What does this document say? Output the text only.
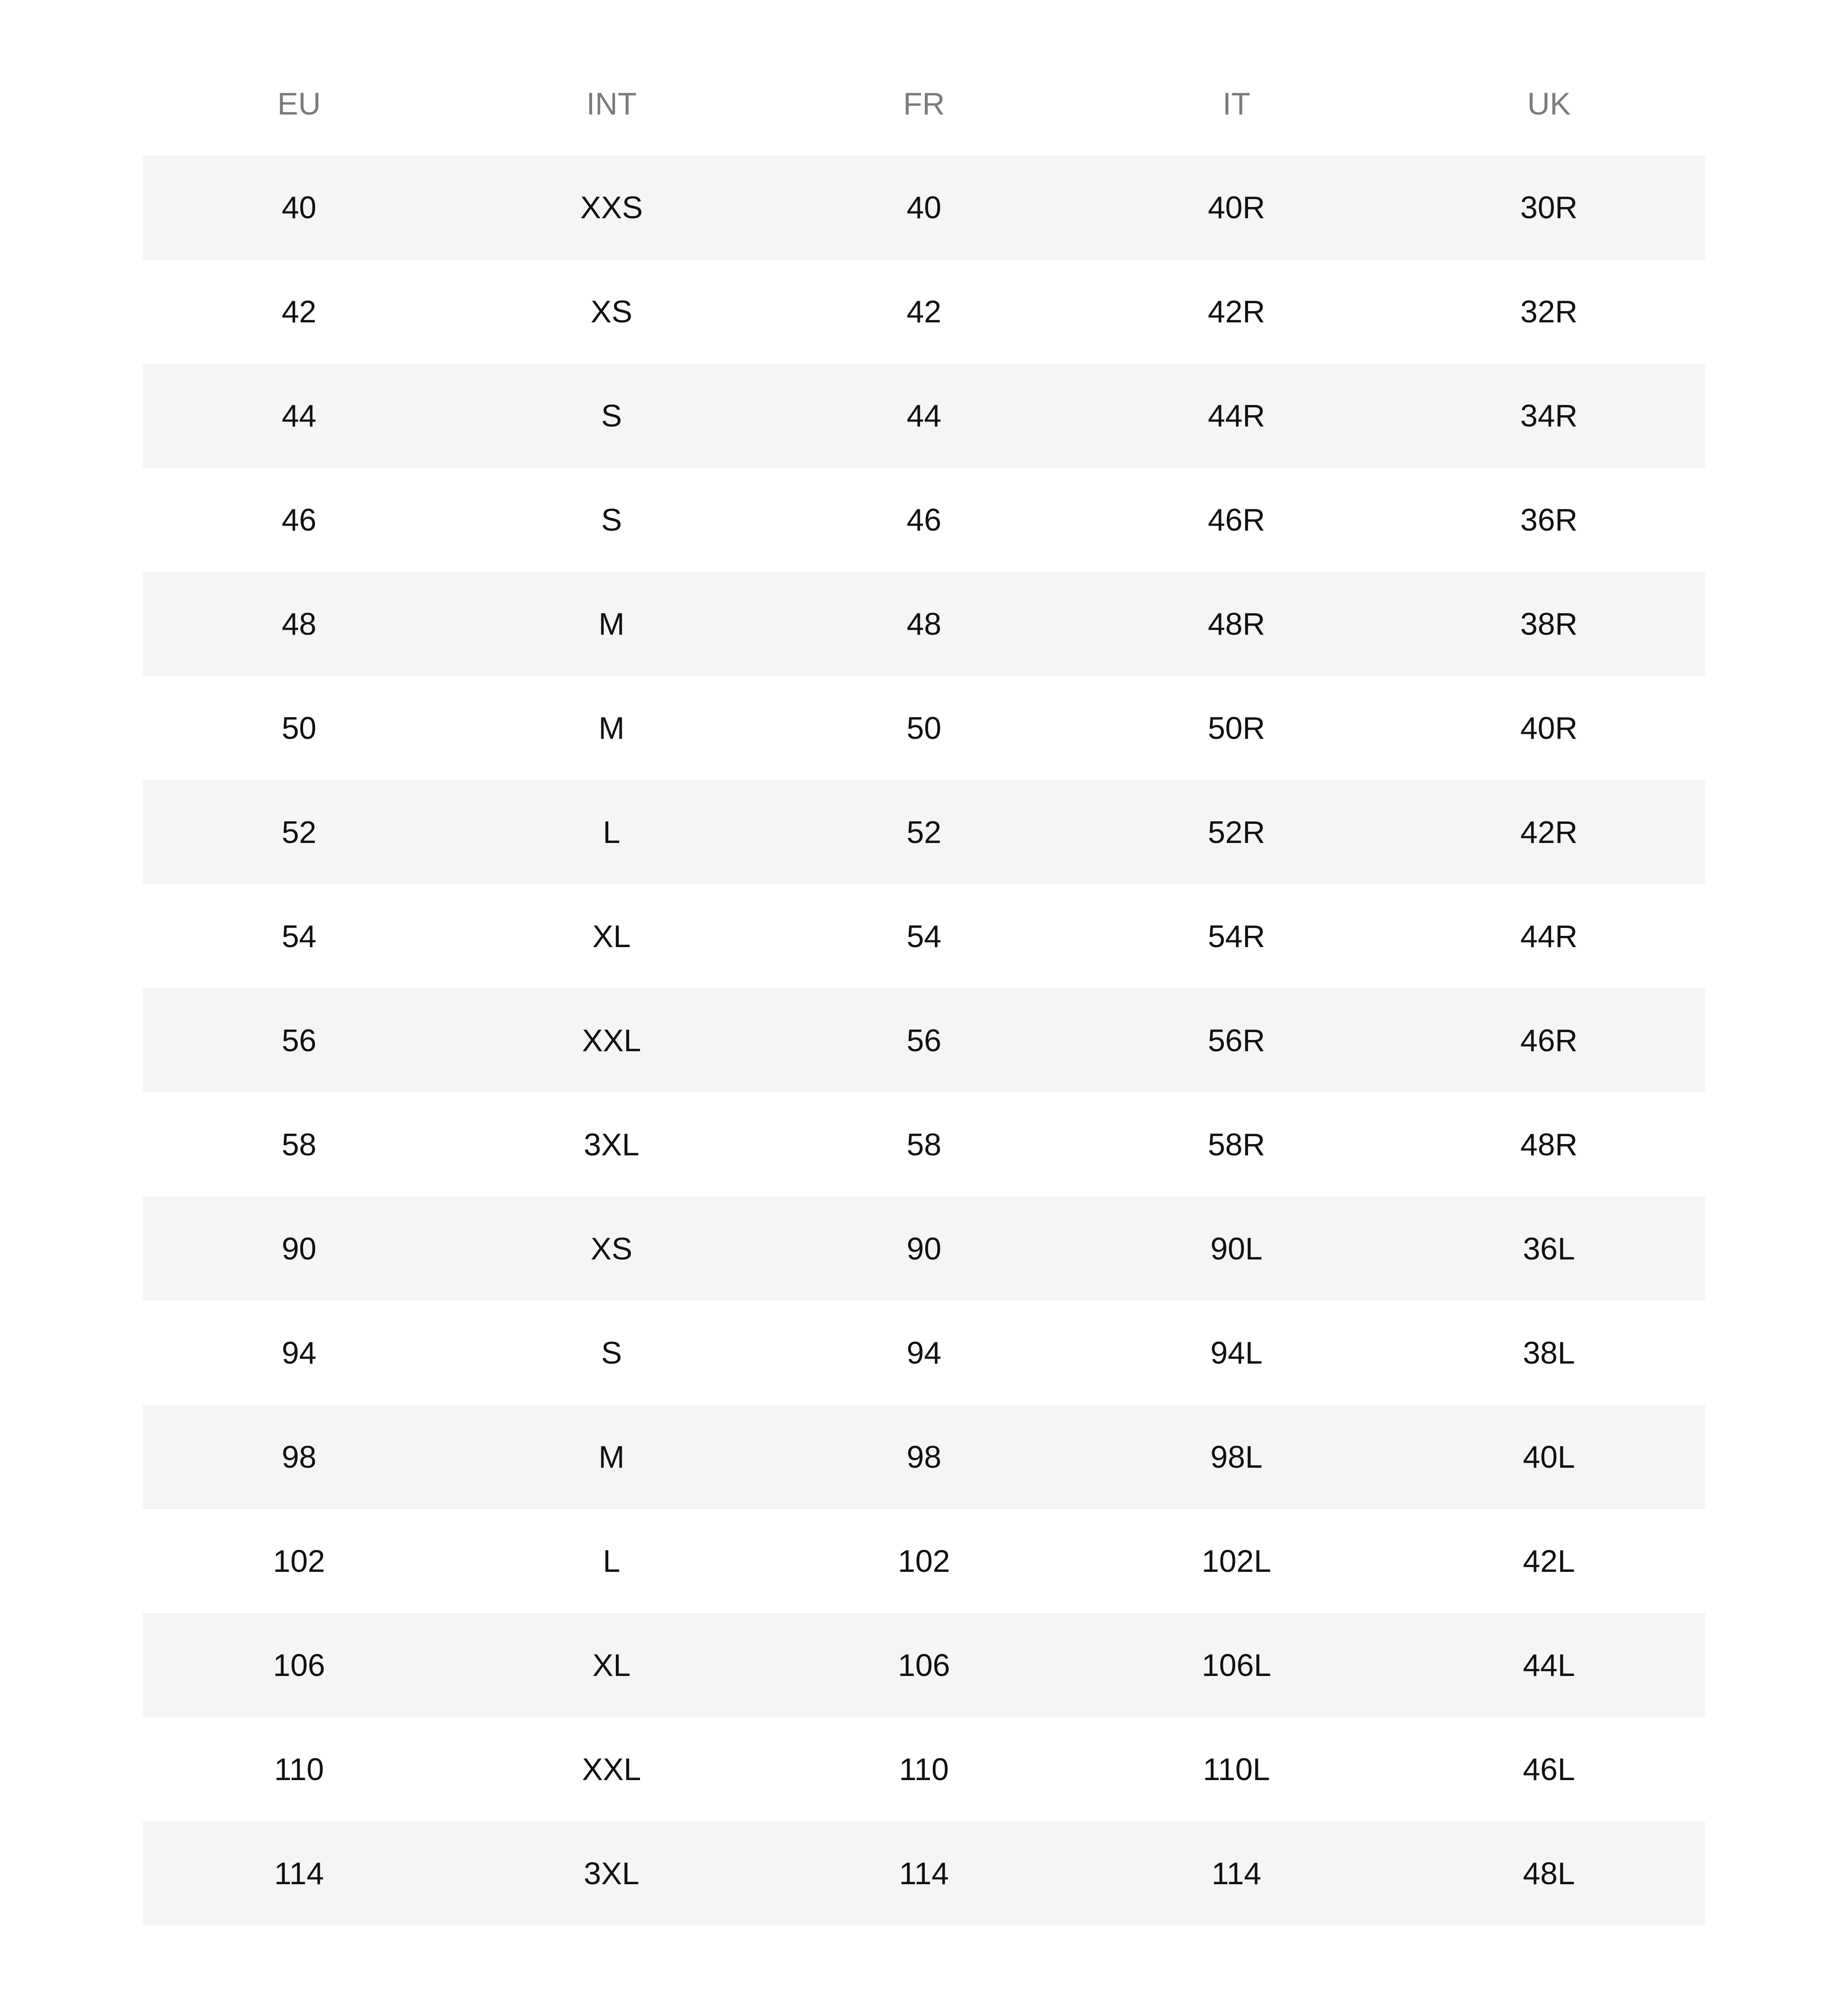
EU	INT	FR	IT	UK
40	XXS	40	40R	30R
42	XS	42	42R	32R
44	S	44	44R	34R
46	S	46	46R	36R
48	M	48	48R	38R
50	M	50	50R	40R
52	L	52	52R	42R
54	XL	54	54R	44R
56	XXL	56	56R	46R
58	3XL	58	58R	48R
90	XS	90	90L	36L
94	S	94	94L	38L
98	M	98	98L	40L
102	L	102	102L	42L
106	XL	106	106L	44L
110	XXL	110	110L	46L
114	3XL	114	114	48L
